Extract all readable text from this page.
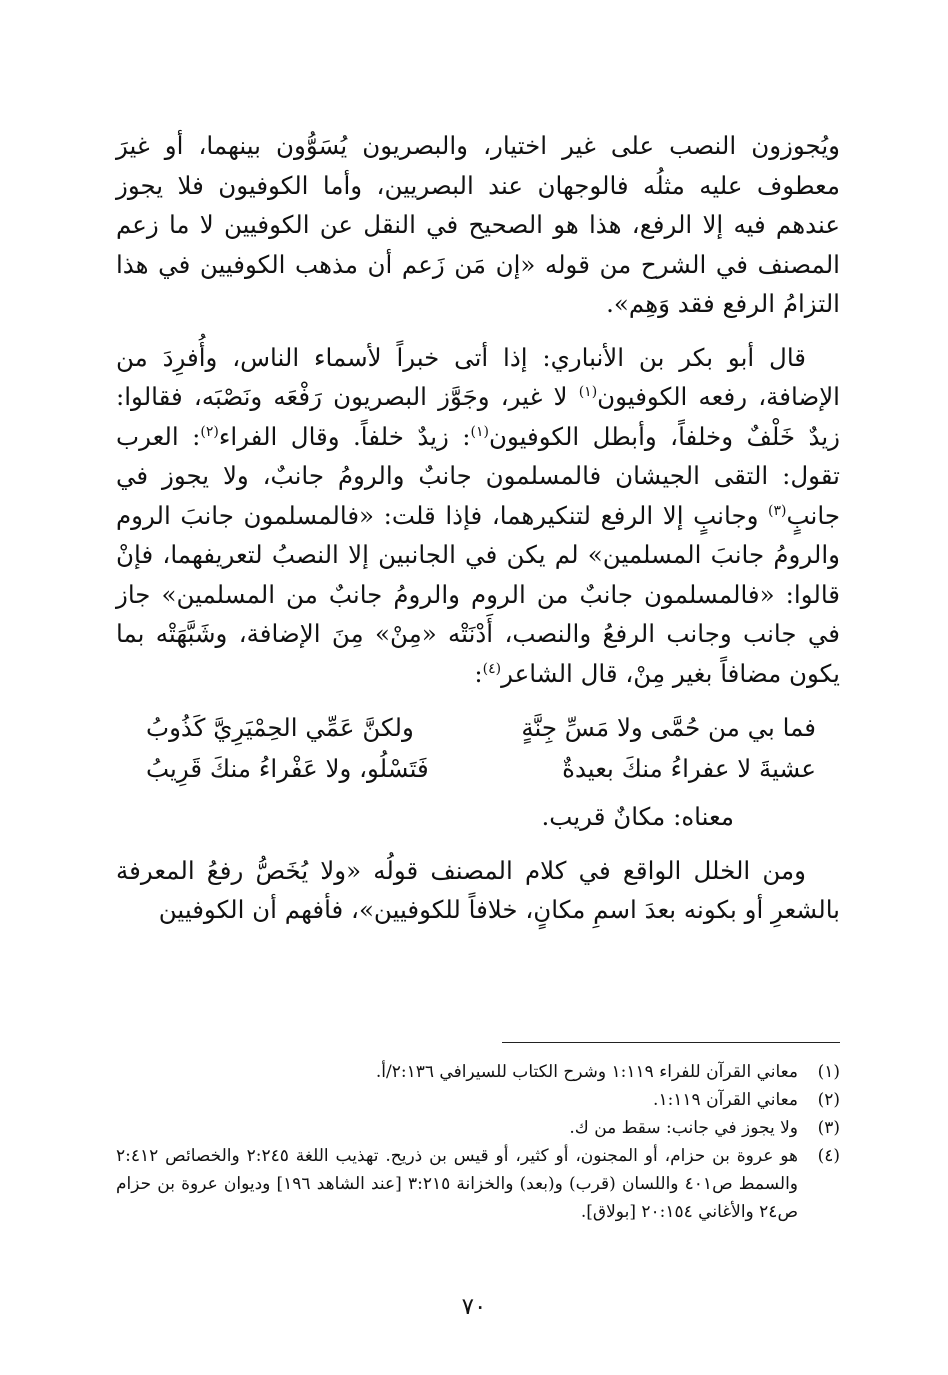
ويُجوزون النصب على غير اختيار، والبصريون يُسَوُّون بينهما، أو غيرَ معطوف عليه مثلُه فالوجهان عند البصريين، وأما الكوفيون فلا يجوز عندهم فيه إلا الرفع، هذا هو الصحيح في النقل عن الكوفيين لا ما زعم المصنف في الشرح من قوله «إن مَن زَعم أن مذهب الكوفيين في هذا التزامُ الرفع فقد وَهِم».

قال أبو بكر بن الأنباري: إذا أتى خبراً لأسماء الناس، وأُفرِدَ من الإضافة، رفعه الكوفيون$^{(١)}$ لا غير، وجَوَّز البصريون رَفْعَه ونَصْبَه، فقالوا: زيدٌ خَلْفٌ وخلفاً، وأبطل الكوفيون$^{(١)}$: زيدٌ خلفاً. وقال الفراء$^{(٢)}$: العرب تقول: التقى الجيشان فالمسلمون جانبٌ والرومُ جانبٌ، ولا يجوز في جانبٍ$^{(٣)}$ وجانبٍ إلا الرفع لتنكيرهما، فإذا قلت: «فالمسلمون جانبَ الروم والرومُ جانبَ المسلمين» لم يكن في الجانبين إلا النصبُ لتعريفهما، فإنْ قالوا: «فالمسلمون جانبٌ من الروم والرومُ جانبٌ من المسلمين» جاز في جانب وجانب الرفعُ والنصب، أَدْنَتْه «مِنْ» مِنَ الإضافة، وشَبَّهَتْه بما يكون مضافاً بغير مِنْ، قال الشاعر$^{(٤)}$:

فما بي من حُمَّى ولا مَسِّ جِنَّةٍ
ولكنَّ عَمِّي الحِمْيَرِيَّ كَذُوبُ
عشيةَ لا عفراءُ منكَ بعيدةٌ
فَتَسْلُو، ولا عَفْراءُ منكَ قَرِيبُ

معناه: مكانٌ قريب.

ومن الخلل الواقع في كلام المصنف قولُه «ولا يُخَصُّ رفعُ المعرفة بالشعرِ أو بكونه بعدَ اسمِ مكانٍ، خلافاً للكوفيين»، فأفهم أن الكوفيين

(١)
معاني القرآن للفراء ١:١١٩ وشرح الكتاب للسيرافي ٢:١٣٦/أ.
(٢)
معاني القرآن ١:١١٩.
(٣)
ولا يجوز في جانب: سقط من ك.
(٤)
هو عروة بن حزام، أو المجنون، أو كثير، أو قيس بن ذريح. تهذيب اللغة ٢:٢٤٥ والخصائص ٢:٤١٢ والسمط ص٤٠١ واللسان (قرب) و(بعد) والخزانة ٣:٢١٥ [عند الشاهد ١٩٦] وديوان عروة بن حزام ص٢٤ والأغاني ٢٠:١٥٤ [بولاق].
٧٠
